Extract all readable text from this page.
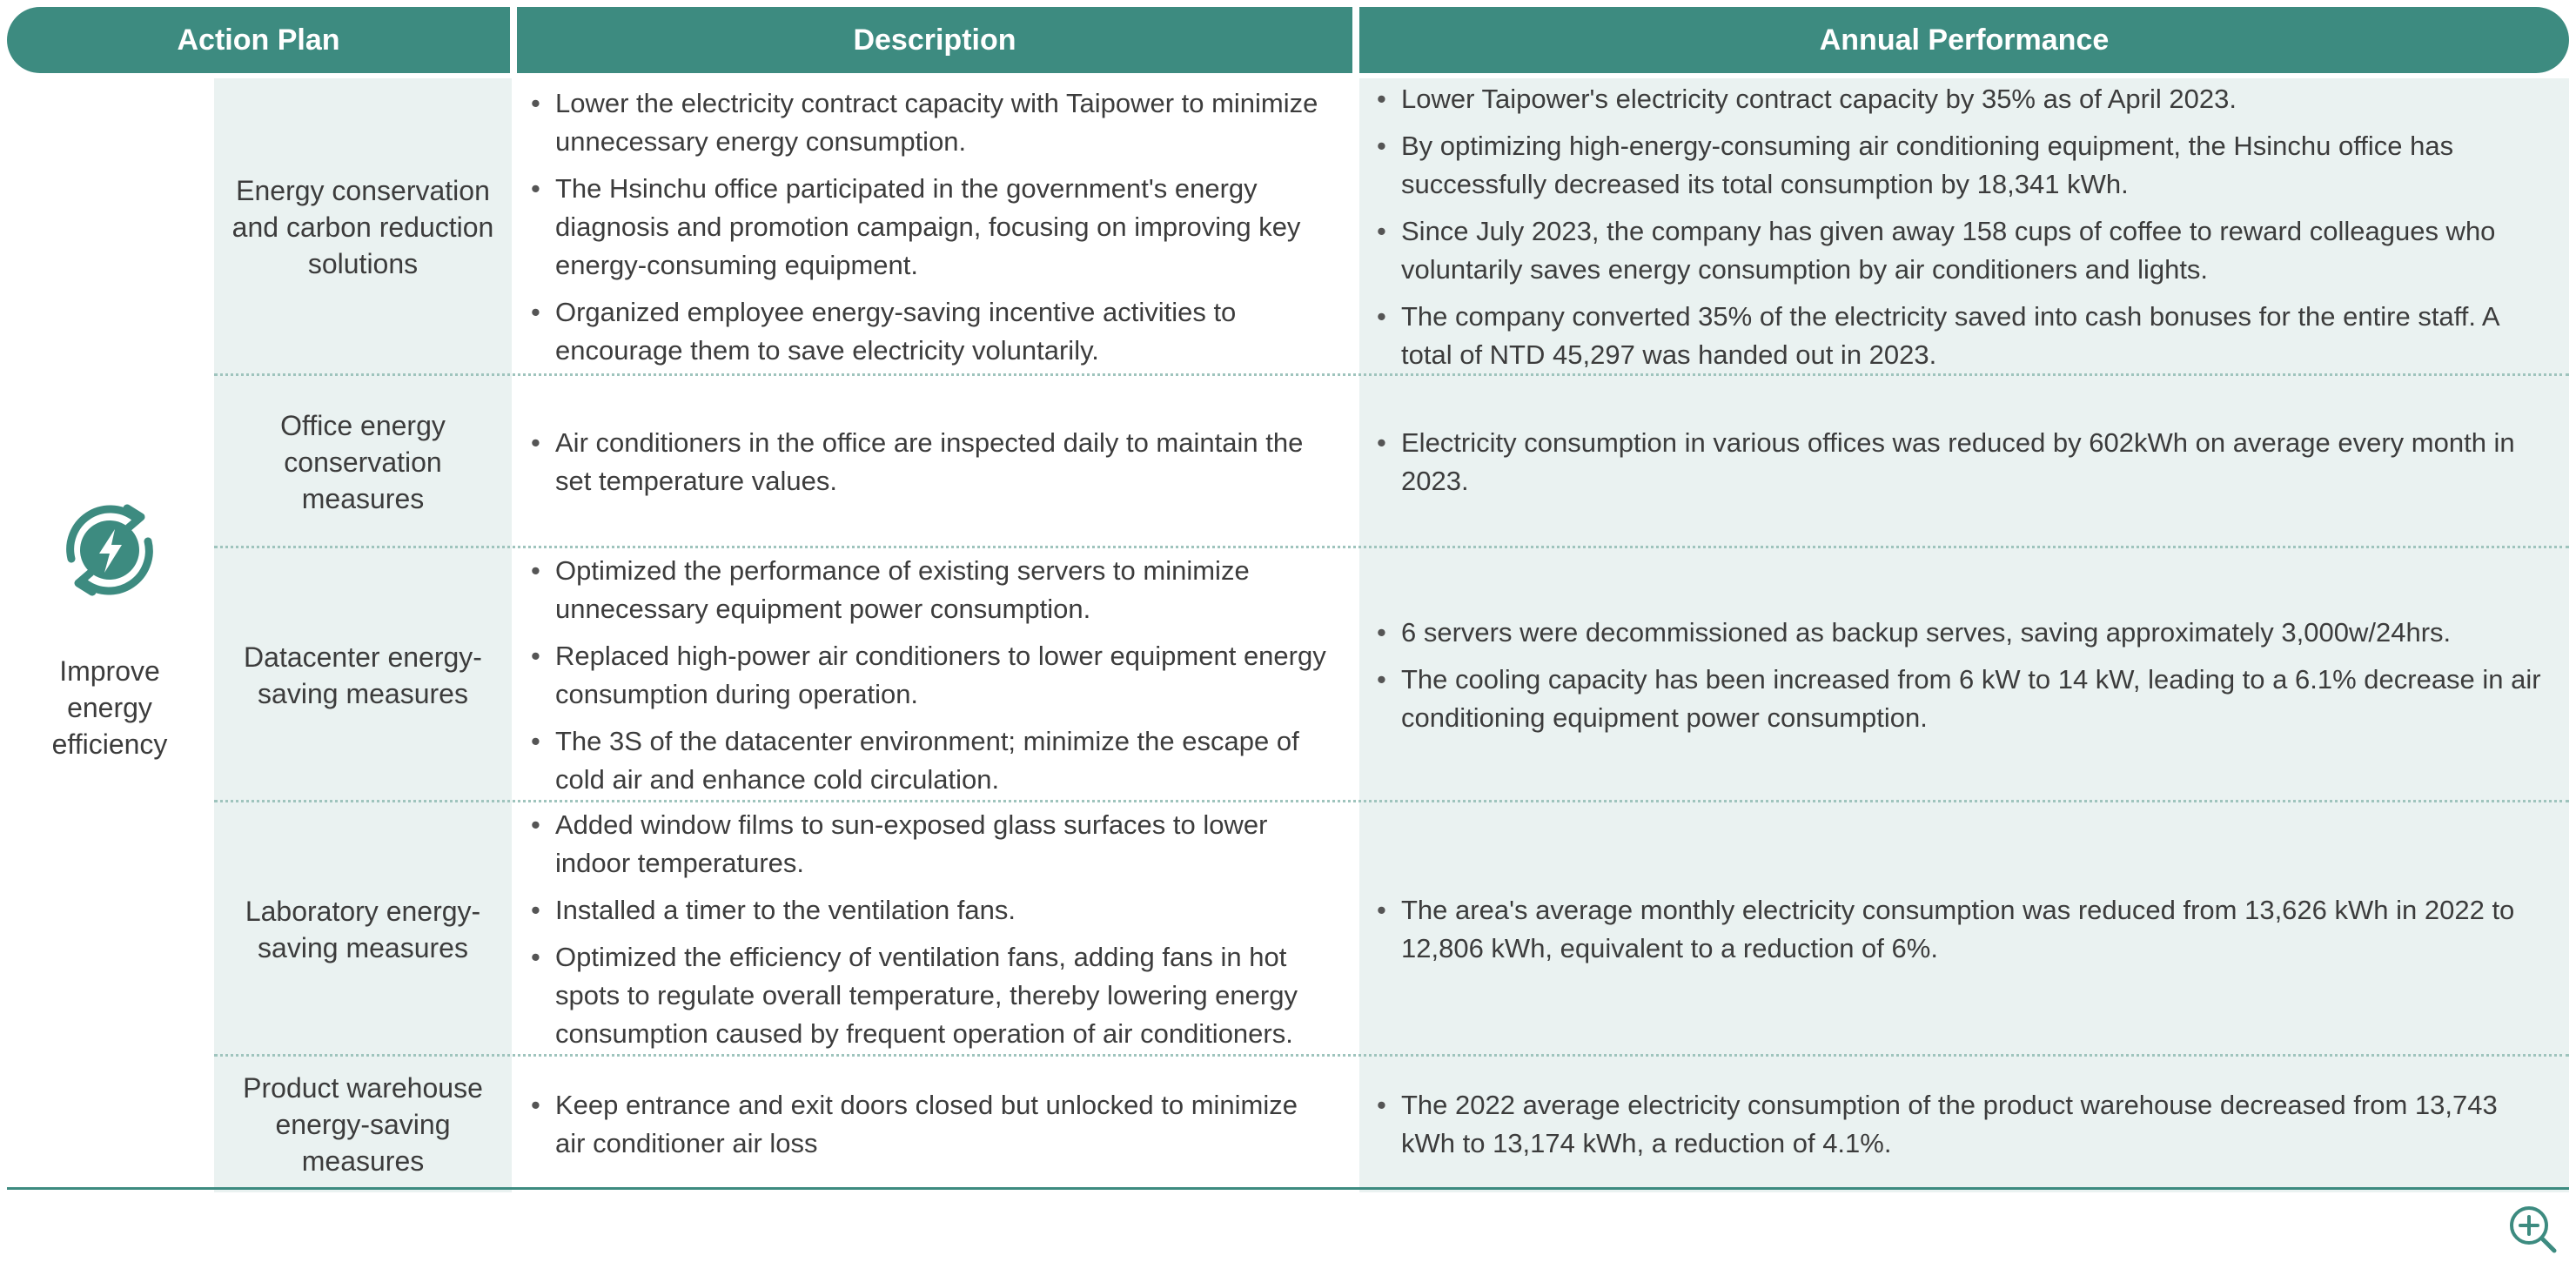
Action Plan	Description	Annual Performance
Improve energy efficiency
Energy conservation and carbon reduction solutions
• Lower the electricity contract capacity with Taipower to minimize unnecessary energy consumption.
• The Hsinchu office participated in the government's energy diagnosis and promotion campaign, focusing on improving key energy-consuming equipment.
• Organized employee energy-saving incentive activities to encourage them to save electricity voluntarily.
• Lower Taipower's electricity contract capacity by 35% as of April 2023.
• By optimizing high-energy-consuming air conditioning equipment, the Hsinchu office has successfully decreased its total consumption by 18,341 kWh.
• Since July 2023, the company has given away 158 cups of coffee to reward colleagues who voluntarily saves energy consumption by air conditioners and lights.
• The company converted 35% of the electricity saved into cash bonuses for the entire staff. A total of NTD 45,297 was handed out in 2023.
Office energy conservation measures
• Air conditioners in the office are inspected daily to maintain the set temperature values.
• Electricity consumption in various offices was reduced by 602kWh on average every month in 2023.
Datacenter energy-saving measures
• Optimized the performance of existing servers to minimize unnecessary equipment power consumption.
• Replaced high-power air conditioners to lower equipment energy consumption during operation.
• The 3S of the datacenter environment; minimize the escape of cold air and enhance cold circulation.
• 6 servers were decommissioned as backup serves, saving approximately 3,000w/24hrs.
• The cooling capacity has been increased from 6 kW to 14 kW, leading to a 6.1% decrease in air conditioning equipment power consumption.
Laboratory energy-saving measures
• Added window films to sun-exposed glass surfaces to lower indoor temperatures.
• Installed a timer to the ventilation fans.
• Optimized the efficiency of ventilation fans, adding fans in hot spots to regulate overall temperature, thereby lowering energy consumption caused by frequent operation of air conditioners.
• The area's average monthly electricity consumption was reduced from 13,626 kWh in 2022 to 12,806 kWh, equivalent to a reduction of 6%.
Product warehouse energy-saving measures
• Keep entrance and exit doors closed but unlocked to minimize air conditioner air loss
• The 2022 average electricity consumption of the product warehouse decreased from 13,743 kWh to 13,174 kWh, a reduction of 4.1%.
